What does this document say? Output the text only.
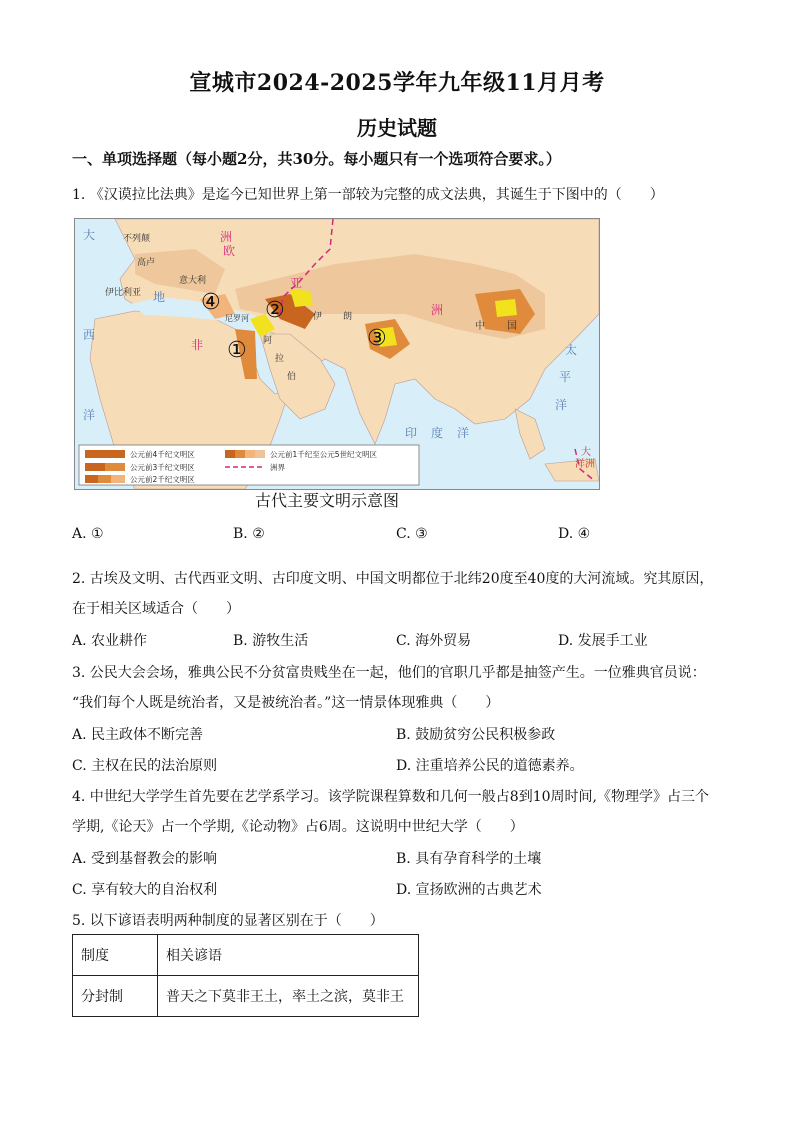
宣城市2024-2025学年九年级11月月考
历史试题
一、单项选择题（每小题2分，共30分。每小题只有一个选项符合要求。）
1. 《汉谟拉比法典》是迄今已知世界上第一部较为完整的成文法典，其诞生于下图中的（　　）
不列颠
高卢
伊比利亚
意大利
地
尼罗河
阿
拉
伯
伊 朗
中 国
欧
亚
洲
非
洲
大
西
洋
太
平
洋
印 度 洋
大
洋洲
④ ②
①	③
公元前4千纪文明区
公元前3千纪文明区
公元前2千纪文明区
公元前1千纪至公元5世纪文明区
洲界
古代主要文明示意图
A. ①	B. ②	C. ③	D. ④
2. 古埃及文明、古代西亚文明、古印度文明、中国文明都位于北纬20度至40度的大河流域。究其原因，
在于相关区域适合（　　）
A. 农业耕作	B. 游牧生活	C. 海外贸易	D. 发展手工业
3. 公民大会会场，雅典公民不分贫富贵贱坐在一起，他们的官职几乎都是抽签产生。一位雅典官员说：
“我们每个人既是统治者，又是被统治者。”这一情景体现雅典（　　）
A. 民主政体不断完善	B. 鼓励贫穷公民积极参政
C. 主权在民的法治原则	D. 注重培养公民的道德素养。
4. 中世纪大学学生首先要在艺学系学习。该学院课程算数和几何一般占8到10周时间,《物理学》占三个
学期,《论天》占一个学期,《论动物》占6周。这说明中世纪大学（　　）
A. 受到基督教会的影响	B. 具有孕育科学的土壤
C. 享有较大的自治权利	D. 宣扬欧洲的古典艺术
5. 以下谚语表明两种制度的显著区别在于（　　）
制度	相关谚语
分封制	普天之下莫非王土，率土之滨，莫非王
